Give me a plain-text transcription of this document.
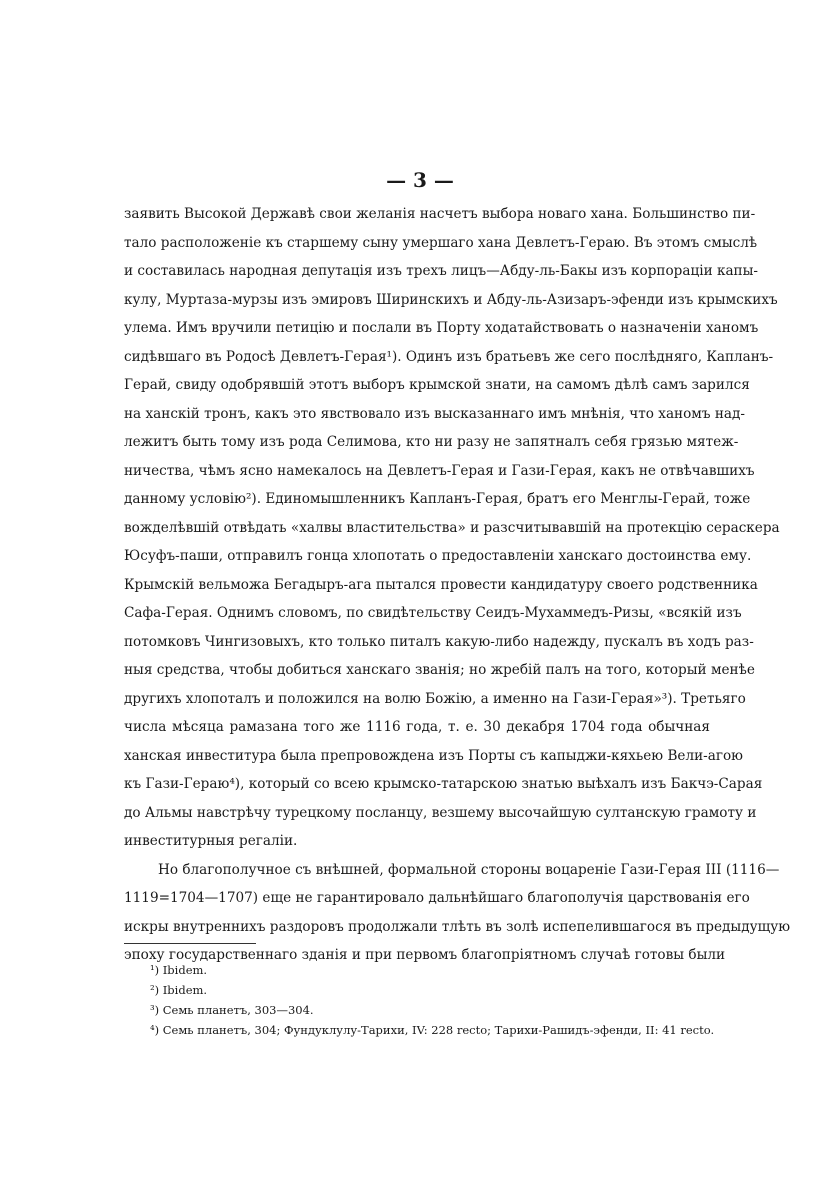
— 3 —
заявить Высокой Державѣ свои желанія насчетъ выбора новаго хана. Большинство пи-
тало расположеніе къ старшему сыну умершаго хана Девлетъ-Гераю. Въ этомъ смыслѣ
и составилась народная депутація изъ трехъ лицъ—Абду-ль-Бакы изъ корпораціи капы-
кулу, Муртаза-мурзы изъ эмировъ Ширинскихъ и Абду-ль-Азизаръ-эфенди изъ крымскихъ
улема. Имъ вручили петицію и послали въ Порту ходатайствовать о назначеніи ханомъ
сидѣвшаго въ Родосѣ Девлетъ-Герая¹). Одинъ изъ братьевъ же сего послѣдняго, Капланъ-
Герай, свиду одобрявшій этотъ выборъ крымской знати, на самомъ дѣлѣ самъ зарился
на ханскій тронъ, какъ это явствовало изъ высказаннаго имъ мнѣнія, что ханомъ над-
лежитъ быть тому изъ рода Селимова, кто ни разу не запятналъ себя грязью мятеж-
ничества, чѣмъ ясно намекалось на Девлетъ-Герая и Гази-Герая, какъ не отвѣчавшихъ
данному условію²). Единомышленникъ Капланъ-Герая, братъ его Менглы-Герай, тоже
вожделѣвшій отвѣдать «халвы властительства» и разсчитывавшій на протекцію сераскера
Юсуфъ-паши, отправилъ гонца хлопотать о предоставленіи ханскаго достоинства ему.
Крымскій вельможа Бегадыръ-ага пытался провести кандидатуру своего родственника
Сафа-Герая. Однимъ словомъ, по свидѣтельству Сеидъ-Мухаммедъ-Ризы, «всякій изъ
потомковъ Чингизовыхъ, кто только питалъ какую-либо надежду, пускалъ въ ходъ раз-
ныя средства, чтобы добиться ханскаго званія; но жребій палъ на того, который менѣе
другихъ хлопоталъ и положился на волю Божію, а именно на Гази-Герая»³). Третьяго
числа мѣсяца рамазана того же 1116 года, т. е. 30 декабря 1704 года обычная
ханская инвеститура была препровождена изъ Порты съ капыджи-кяхьею Вели-агою
къ Гази-Гераю⁴), который со всею крымско-татарскою знатью выѣхалъ изъ Бакчэ-Сарая
до Альмы навстрѣчу турецкому посланцу, везшему высочайшую султанскую грамоту и
инвеститурныя регаліи.
Но благополучное съ внѣшней, формальной стороны воцареніе Гази-Герая III (1116—
1119=1704—1707) еще не гарантировало дальнѣйшаго благополучія царствованія его
искры внутреннихъ раздоровъ продолжали тлѣть въ золѣ испепелившагося въ предыдущую
эпоху государственнаго зданія и при первомъ благопріятномъ случаѣ готовы были
¹) Ibidem.
²) Ibidem.
³) Семь планетъ, 303—304.
⁴) Семь планетъ, 304; Фундуклулу-Тарихи, IV: 228 recto; Тарихи-Рашидъ-эфенди, II: 41 recto.
